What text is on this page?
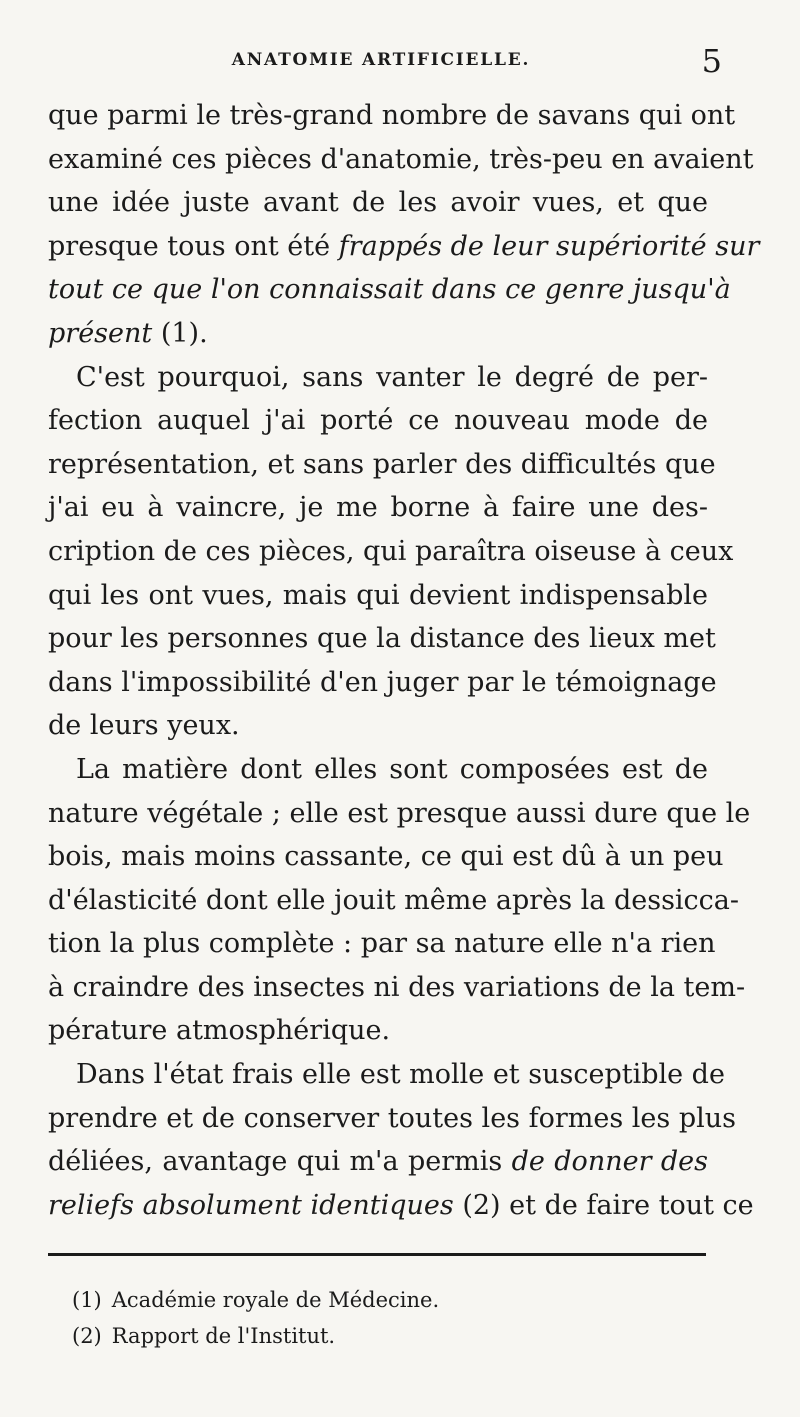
ANATOMIE ARTIFICIELLE.	5
que parmi le très-grand nombre de savans qui ont
examiné ces pièces d'anatomie, très-peu en avaient
une idée juste avant de les avoir vues, et que
presque tous ont été frappés de leur supériorité sur
tout ce que l'on connaissait dans ce genre jusqu'à
présent (1).
C'est pourquoi, sans vanter le degré de per-
fection auquel j'ai porté ce nouveau mode de
représentation, et sans parler des difficultés que
j'ai eu à vaincre, je me borne à faire une des-
cription de ces pièces, qui paraîtra oiseuse à ceux
qui les ont vues, mais qui devient indispensable
pour les personnes que la distance des lieux met
dans l'impossibilité d'en juger par le témoignage
de leurs yeux.
La matière dont elles sont composées est de
nature végétale ; elle est presque aussi dure que le
bois, mais moins cassante, ce qui est dû à un peu
d'élasticité dont elle jouit même après la dessicca-
tion la plus complète : par sa nature elle n'a rien
à craindre des insectes ni des variations de la tem-
pérature atmosphérique.
Dans l'état frais elle est molle et susceptible de
prendre et de conserver toutes les formes les plus
déliées, avantage qui m'a permis de donner des
reliefs absolument identiques (2) et de faire tout ce
(1) Académie royale de Médecine.
(2) Rapport de l'Institut.
